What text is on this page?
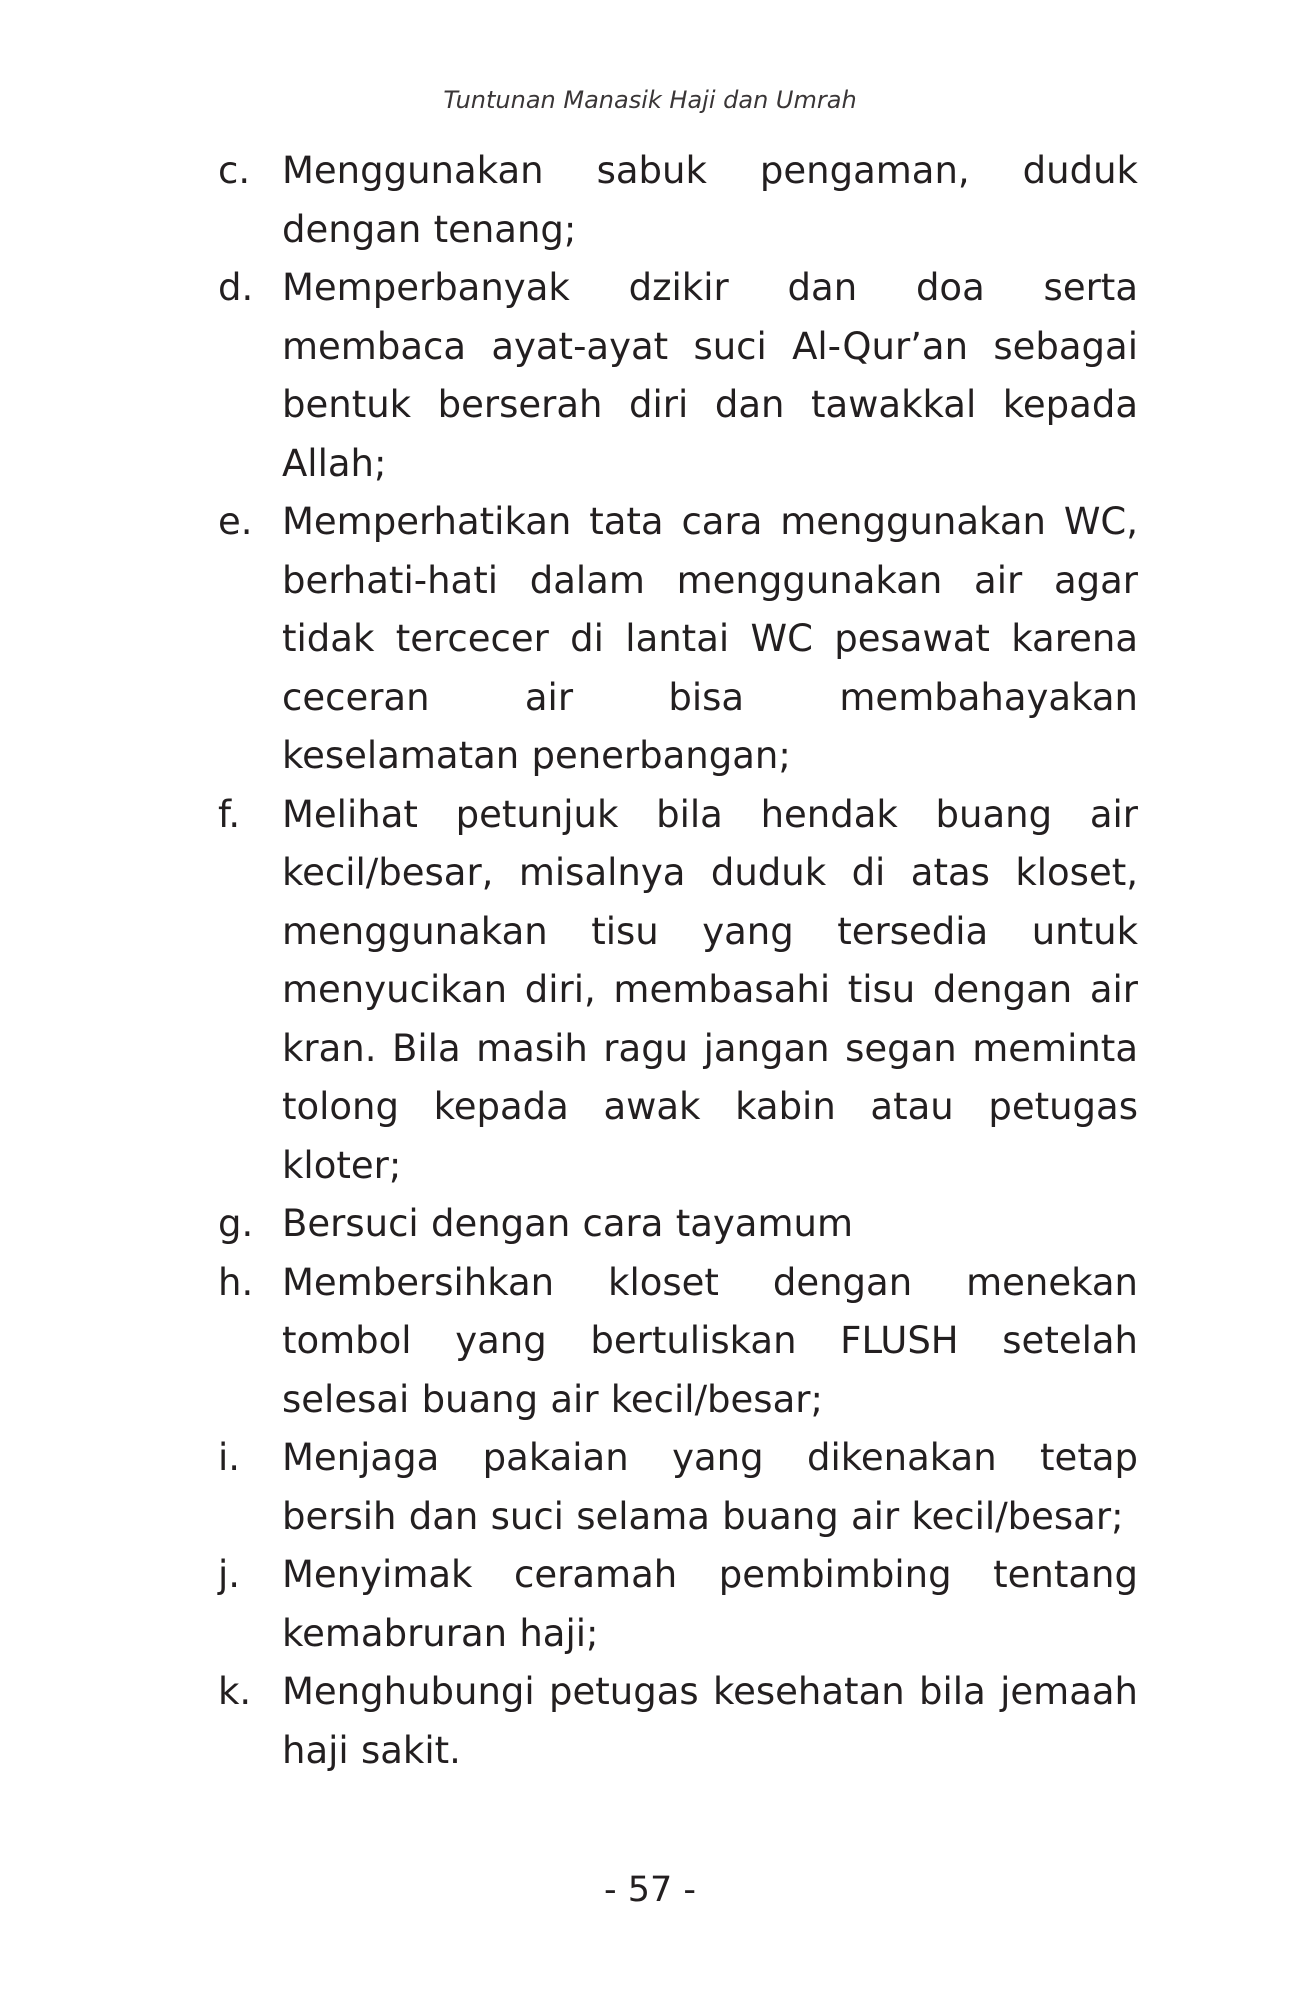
Tuntunan Manasik Haji dan Umrah
c. Menggunakan sabuk pengaman, duduk dengan tenang;
d. Memperbanyak dzikir dan doa serta membaca ayat-ayat suci Al-Qur’an sebagai bentuk berserah diri dan tawakkal kepada Allah;
e. Memperhatikan tata cara menggunakan WC, berhati-hati dalam menggunakan air agar tidak tercecer di lantai WC pesawat karena ceceran air bisa membahayakan keselamatan penerbangan;
f.	Melihat petunjuk bila hendak buang air kecil/besar, misalnya duduk di atas kloset, menggunakan tisu yang tersedia untuk menyucikan diri, membasahi tisu dengan air kran. Bila masih ragu jangan segan meminta tolong kepada awak kabin atau petugas kloter;
g. Bersuci dengan cara tayamum
h. Membersihkan kloset dengan menekan tombol yang bertuliskan FLUSH setelah selesai buang air kecil/besar;
i.	Menjaga pakaian yang dikenakan tetap bersih dan suci selama buang air kecil/besar;
j.	Menyimak ceramah pembimbing tentang kemabruran haji;
k. Menghubungi petugas kesehatan bila jemaah haji sakit.
- 57 -
